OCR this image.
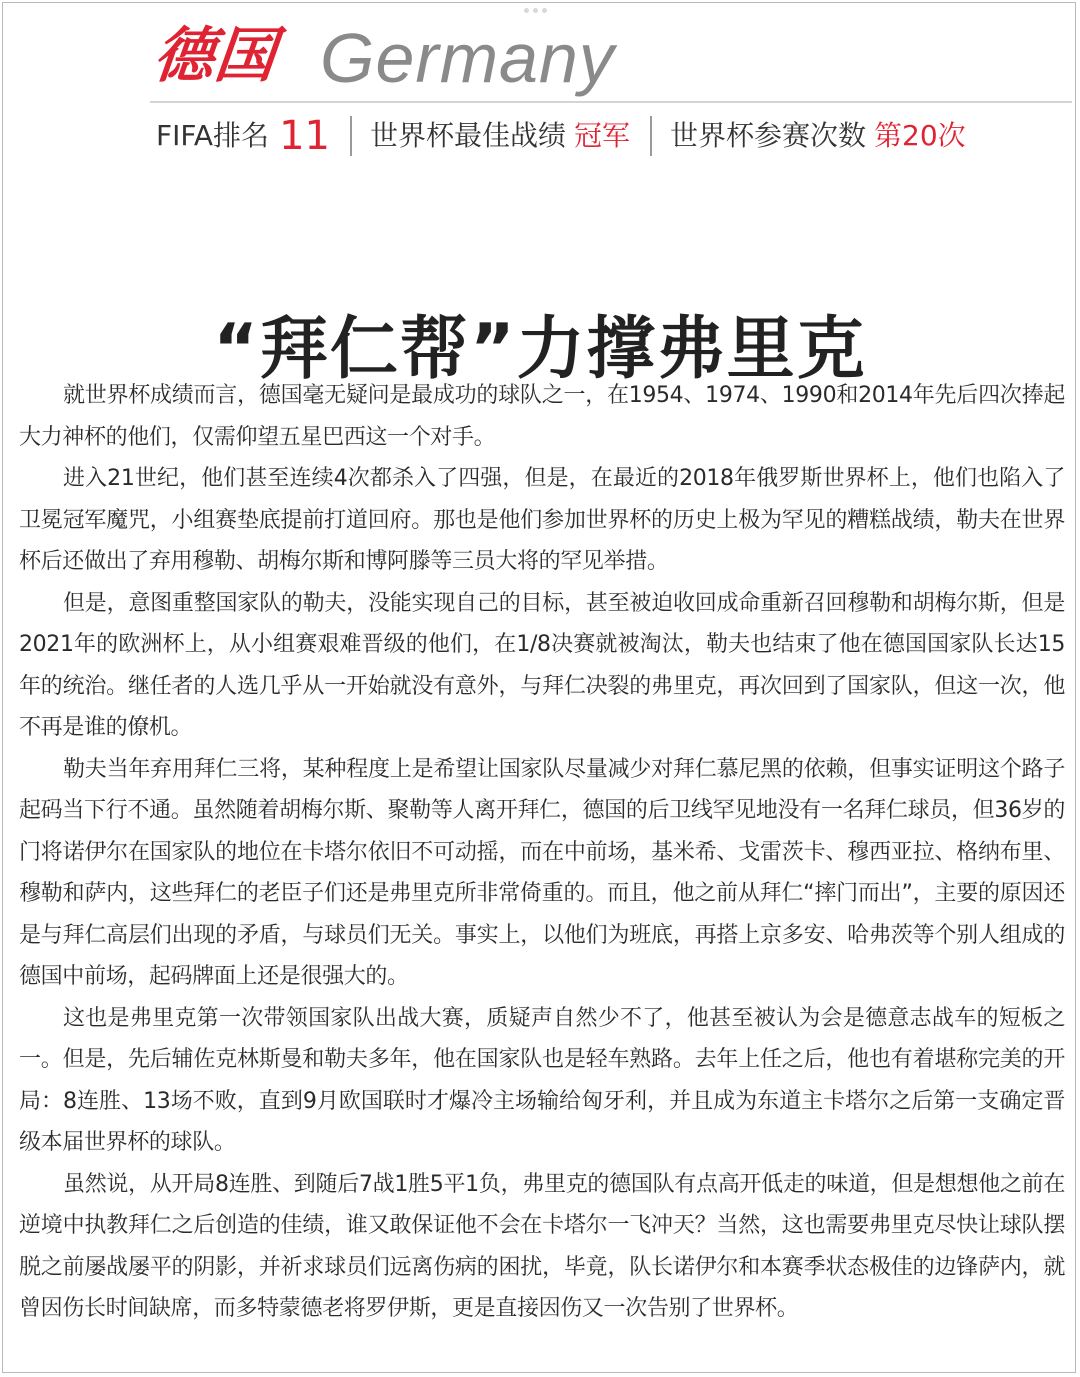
德国 Germany
FIFA排名 11 世界杯最佳战绩 冠军 世界杯参赛次数 第20次
“拜仁帮”力撑弗里克

就世界杯成绩而言，德国毫无疑问是最成功的球队之一，在1954、1974、1990和2014年先后四次捧起大力神杯的他们，仅需仰望五星巴西这一个对手。

进入21世纪，他们甚至连续4次都杀入了四强，但是，在最近的2018年俄罗斯世界杯上，他们也陷入了卫冕冠军魔咒，小组赛垫底提前打道回府。那也是他们参加世界杯的历史上极为罕见的糟糕战绩，勒夫在世界杯后还做出了弃用穆勒、胡梅尔斯和博阿滕等三员大将的罕见举措。

但是，意图重整国家队的勒夫，没能实现自己的目标，甚至被迫收回成命重新召回穆勒和胡梅尔斯，但是2021年的欧洲杯上，从小组赛艰难晋级的他们，在1/8决赛就被淘汰，勒夫也结束了他在德国国家队长达15年的统治。继任者的人选几乎从一开始就没有意外，与拜仁决裂的弗里克，再次回到了国家队，但这一次，他不再是谁的僚机。

勒夫当年弃用拜仁三将，某种程度上是希望让国家队尽量减少对拜仁慕尼黑的依赖，但事实证明这个路子起码当下行不通。虽然随着胡梅尔斯、聚勒等人离开拜仁，德国的后卫线罕见地没有一名拜仁球员，但36岁的门将诺伊尔在国家队的地位在卡塔尔依旧不可动摇，而在中前场，基米希、戈雷茨卡、穆西亚拉、格纳布里、穆勒和萨内，这些拜仁的老臣子们还是弗里克所非常倚重的。而且，他之前从拜仁“摔门而出”，主要的原因还是与拜仁高层们出现的矛盾，与球员们无关。事实上，以他们为班底，再搭上京多安、哈弗茨等个别人组成的德国中前场，起码牌面上还是很强大的。

这也是弗里克第一次带领国家队出战大赛，质疑声自然少不了，他甚至被认为会是德意志战车的短板之一。但是，先后辅佐克林斯曼和勒夫多年，他在国家队也是轻车熟路。去年上任之后，他也有着堪称完美的开局：8连胜、13场不败，直到9月欧国联时才爆冷主场输给匈牙利，并且成为东道主卡塔尔之后第一支确定晋级本届世界杯的球队。

虽然说，从开局8连胜、到随后7战1胜5平1负，弗里克的德国队有点高开低走的味道，但是想想他之前在逆境中执教拜仁之后创造的佳绩，谁又敢保证他不会在卡塔尔一飞冲天？当然，这也需要弗里克尽快让球队摆脱之前屡战屡平的阴影，并祈求球员们远离伤病的困扰，毕竟，队长诺伊尔和本赛季状态极佳的边锋萨内，就曾因伤长时间缺席，而多特蒙德老将罗伊斯，更是直接因伤又一次告别了世界杯。
